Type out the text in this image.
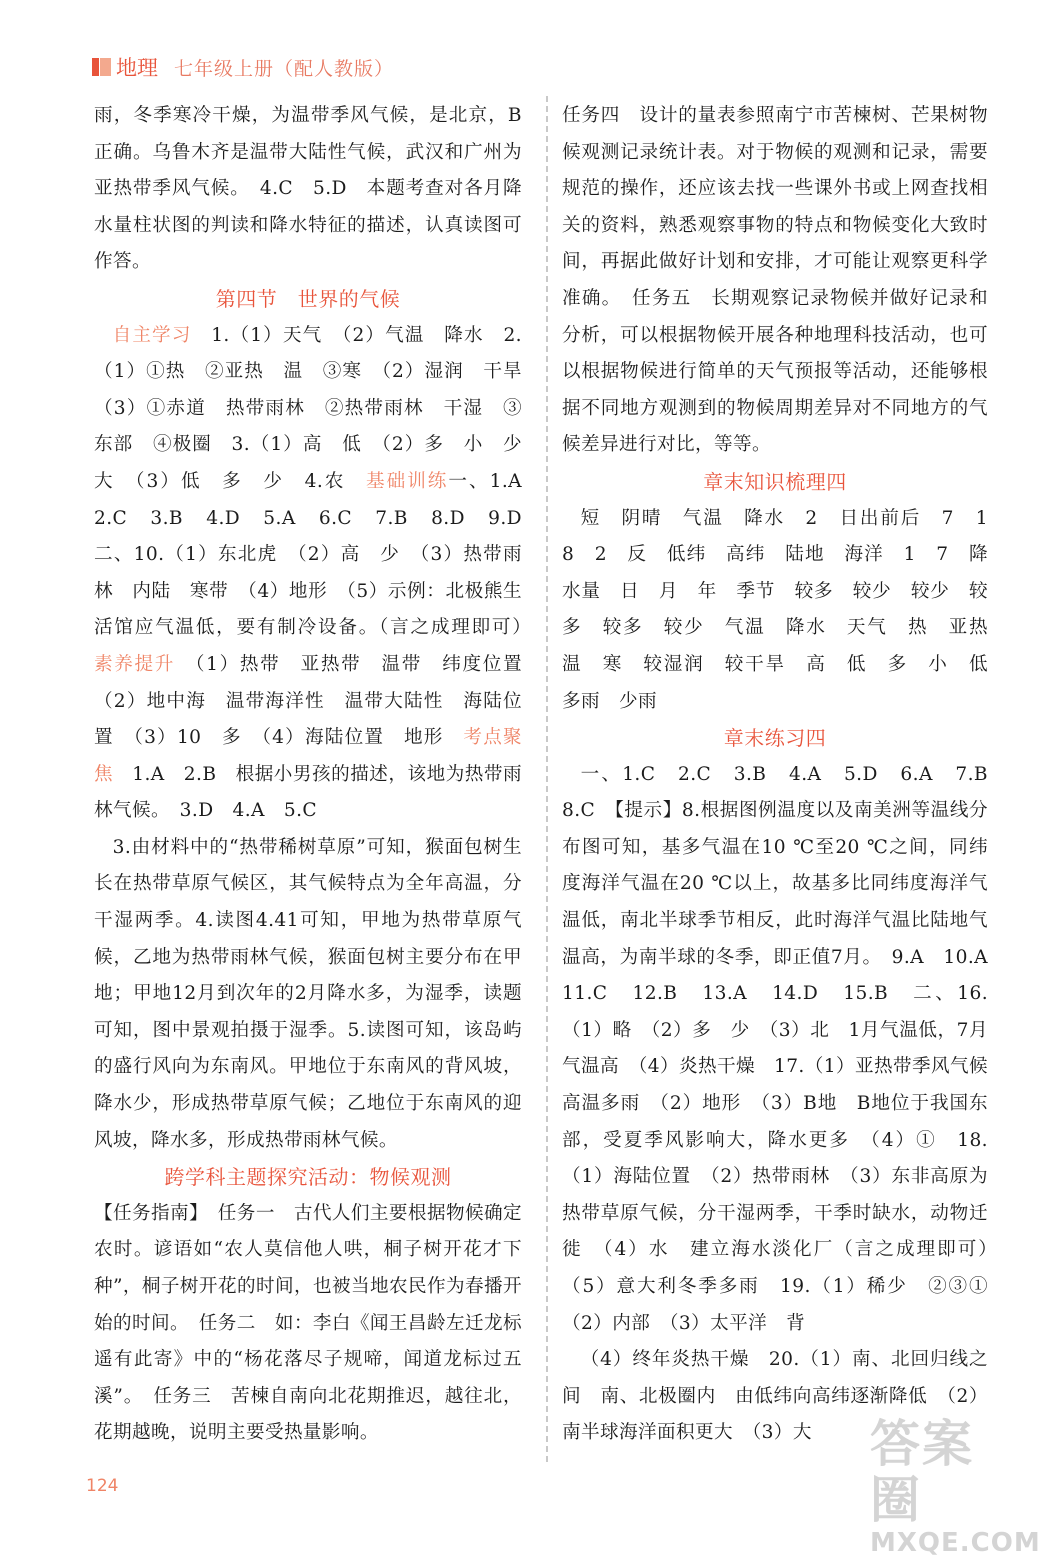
地理 七年级上册（配人教版）

雨，冬季寒冷干燥，为温带季风气候，是北京，B正确。乌鲁木齐是温带大陆性气候，武汉和广州为亚热带季风气候。　4.C　5.D　本题考查对各月降水量柱状图的判读和降水特征的描述，认真读图可作答。

第四节　世界的气候

自主学习　1.（1）天气　（2）气温　降水　2.（1）①热　②亚热　温　③寒　（2）湿润　干旱　（3）①赤道　热带雨林　②热带雨林　干湿　③东部　④极圈　3.（1）高　低　（2）多　小　少　大　（3）低　多　少　4.农　基础训练一、1.A　2.C　3.B　4.D　5.A　6.C　7.B　8.D　9.D　二、10.（1）东北虎　（2）高　少　（3）热带雨林　内陆　寒带　（4）地形　（5）示例：北极熊生活馆应气温低，要有制冷设备。（言之成理即可）　素养提升　（1）热带　亚热带　温带　纬度位置　（2）地中海　温带海洋性　温带大陆性　海陆位置　（3）10　多　（4）海陆位置　地形　考点聚焦　1.A　2.B　根据小男孩的描述，该地为热带雨林气候。　3.D　4.A　5.C

3.由材料中的“热带稀树草原”可知，猴面包树生长在热带草原气候区，其气候特点为全年高温，分干湿两季。4.读图4.41可知，甲地为热带草原气候，乙地为热带雨林气候，猴面包树主要分布在甲地；甲地12月到次年的2月降水多，为湿季，读题可知，图中景观拍摄于湿季。5.读图可知，该岛屿的盛行风向为东南风。甲地位于东南风的背风坡，降水少，形成热带草原气候；乙地位于东南风的迎风坡，降水多，形成热带雨林气候。

跨学科主题探究活动：物候观测

【任务指南】　任务一　古代人们主要根据物候确定农时。谚语如“农人莫信他人哄，桐子树开花才下种”，桐子树开花的时间，也被当地农民作为春播开始的时间。　任务二　如：李白《闻王昌龄左迁龙标遥有此寄》中的“杨花落尽子规啼，闻道龙标过五溪”。　任务三　苦楝自南向北花期推迟，越往北，花期越晚，说明主要受热量影响。

任务四　设计的量表参照南宁市苦楝树、芒果树物候观测记录统计表。对于物候的观测和记录，需要规范的操作，还应该去找一些课外书或上网查找相关的资料，熟悉观察事物的特点和物候变化大致时间，再据此做好计划和安排，才可能让观察更科学准确。　任务五　长期观察记录物候并做好记录和分析，可以根据物候开展各种地理科技活动，也可以根据物候进行简单的天气预报等活动，还能够根据不同地方观测到的物候周期差异对不同地方的气候差异进行对比，等等。

章末知识梳理四

短　阴晴　气温　降水　2　日出前后　7　1　8　2　反　低纬　高纬　陆地　海洋　1　7　降水量　日　月　年　季节　较多　较少　较少　较多　较多　较少　气温　降水　天气　热　亚热　温　寒　较湿润　较干旱　高　低　多　小　低　多雨　少雨

章末练习四

一、1.C　2.C　3.B　4.A　5.D　6.A　7.B　8.C　【提示】8.根据图例温度以及南美洲等温线分布图可知，基多气温在10 ℃至20 ℃之间，同纬度海洋气温在20 ℃以上，故基多比同纬度海洋气温低，南北半球季节相反，此时海洋气温比陆地气温高，为南半球的冬季，即正值7月。　9.A　10.A　11.C　12.B　13.A　14.D　15.B　二、16.（1）略　（2）多　少　（3）北　1月气温低，7月气温高　（4）炎热干燥　17.（1）亚热带季风气候　高温多雨　（2）地形　（3）B地　B地位于我国东部，受夏季风影响大，降水更多　（4）①　18.（1）海陆位置　（2）热带雨林　（3）东非高原为热带草原气候，分干湿两季，干季时缺水，动物迁徙　（4）水　建立海水淡化厂（言之成理即可）　（5）意大利冬季多雨　19.（1）稀少　②③①　（2）内部　（3）太平洋　背

（4）终年炎热干燥　20.（1）南、北回归线之间　南、北极圈内　由低纬向高纬逐渐降低　（2）南半球海洋面积更大　（3）大

124
答案圈
MXQE.COM
